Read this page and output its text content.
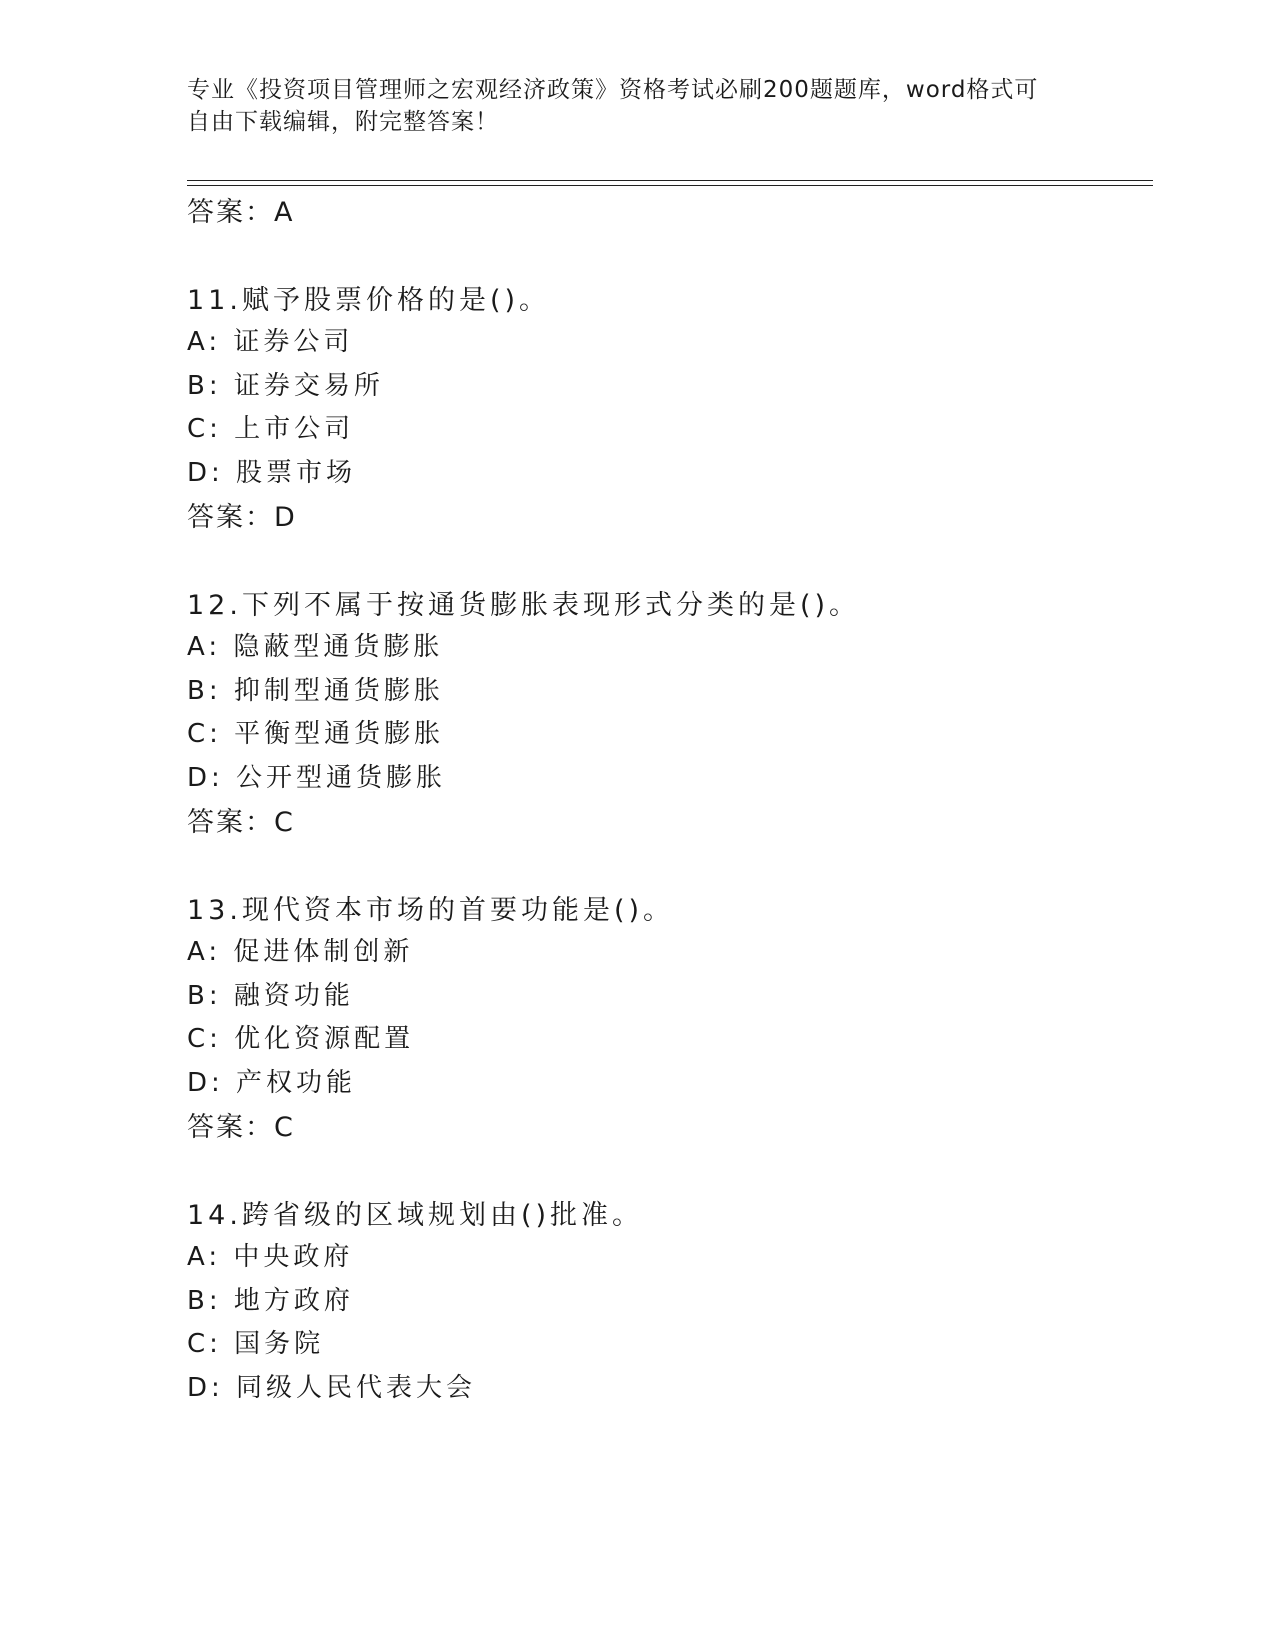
专业《投资项目管理师之宏观经济政策》资格考试必刷200题题库，word格式可
自由下载编辑，附完整答案！
答案：A
11.赋予股票价格的是()。
A: 证券公司
B: 证券交易所
C: 上市公司
D: 股票市场
答案：D
12.下列不属于按通货膨胀表现形式分类的是()。
A: 隐蔽型通货膨胀
B: 抑制型通货膨胀
C: 平衡型通货膨胀
D: 公开型通货膨胀
答案：C
13.现代资本市场的首要功能是()。
A: 促进体制创新
B: 融资功能
C: 优化资源配置
D: 产权功能
答案：C
14.跨省级的区域规划由()批准。
A: 中央政府
B: 地方政府
C: 国务院
D: 同级人民代表大会
